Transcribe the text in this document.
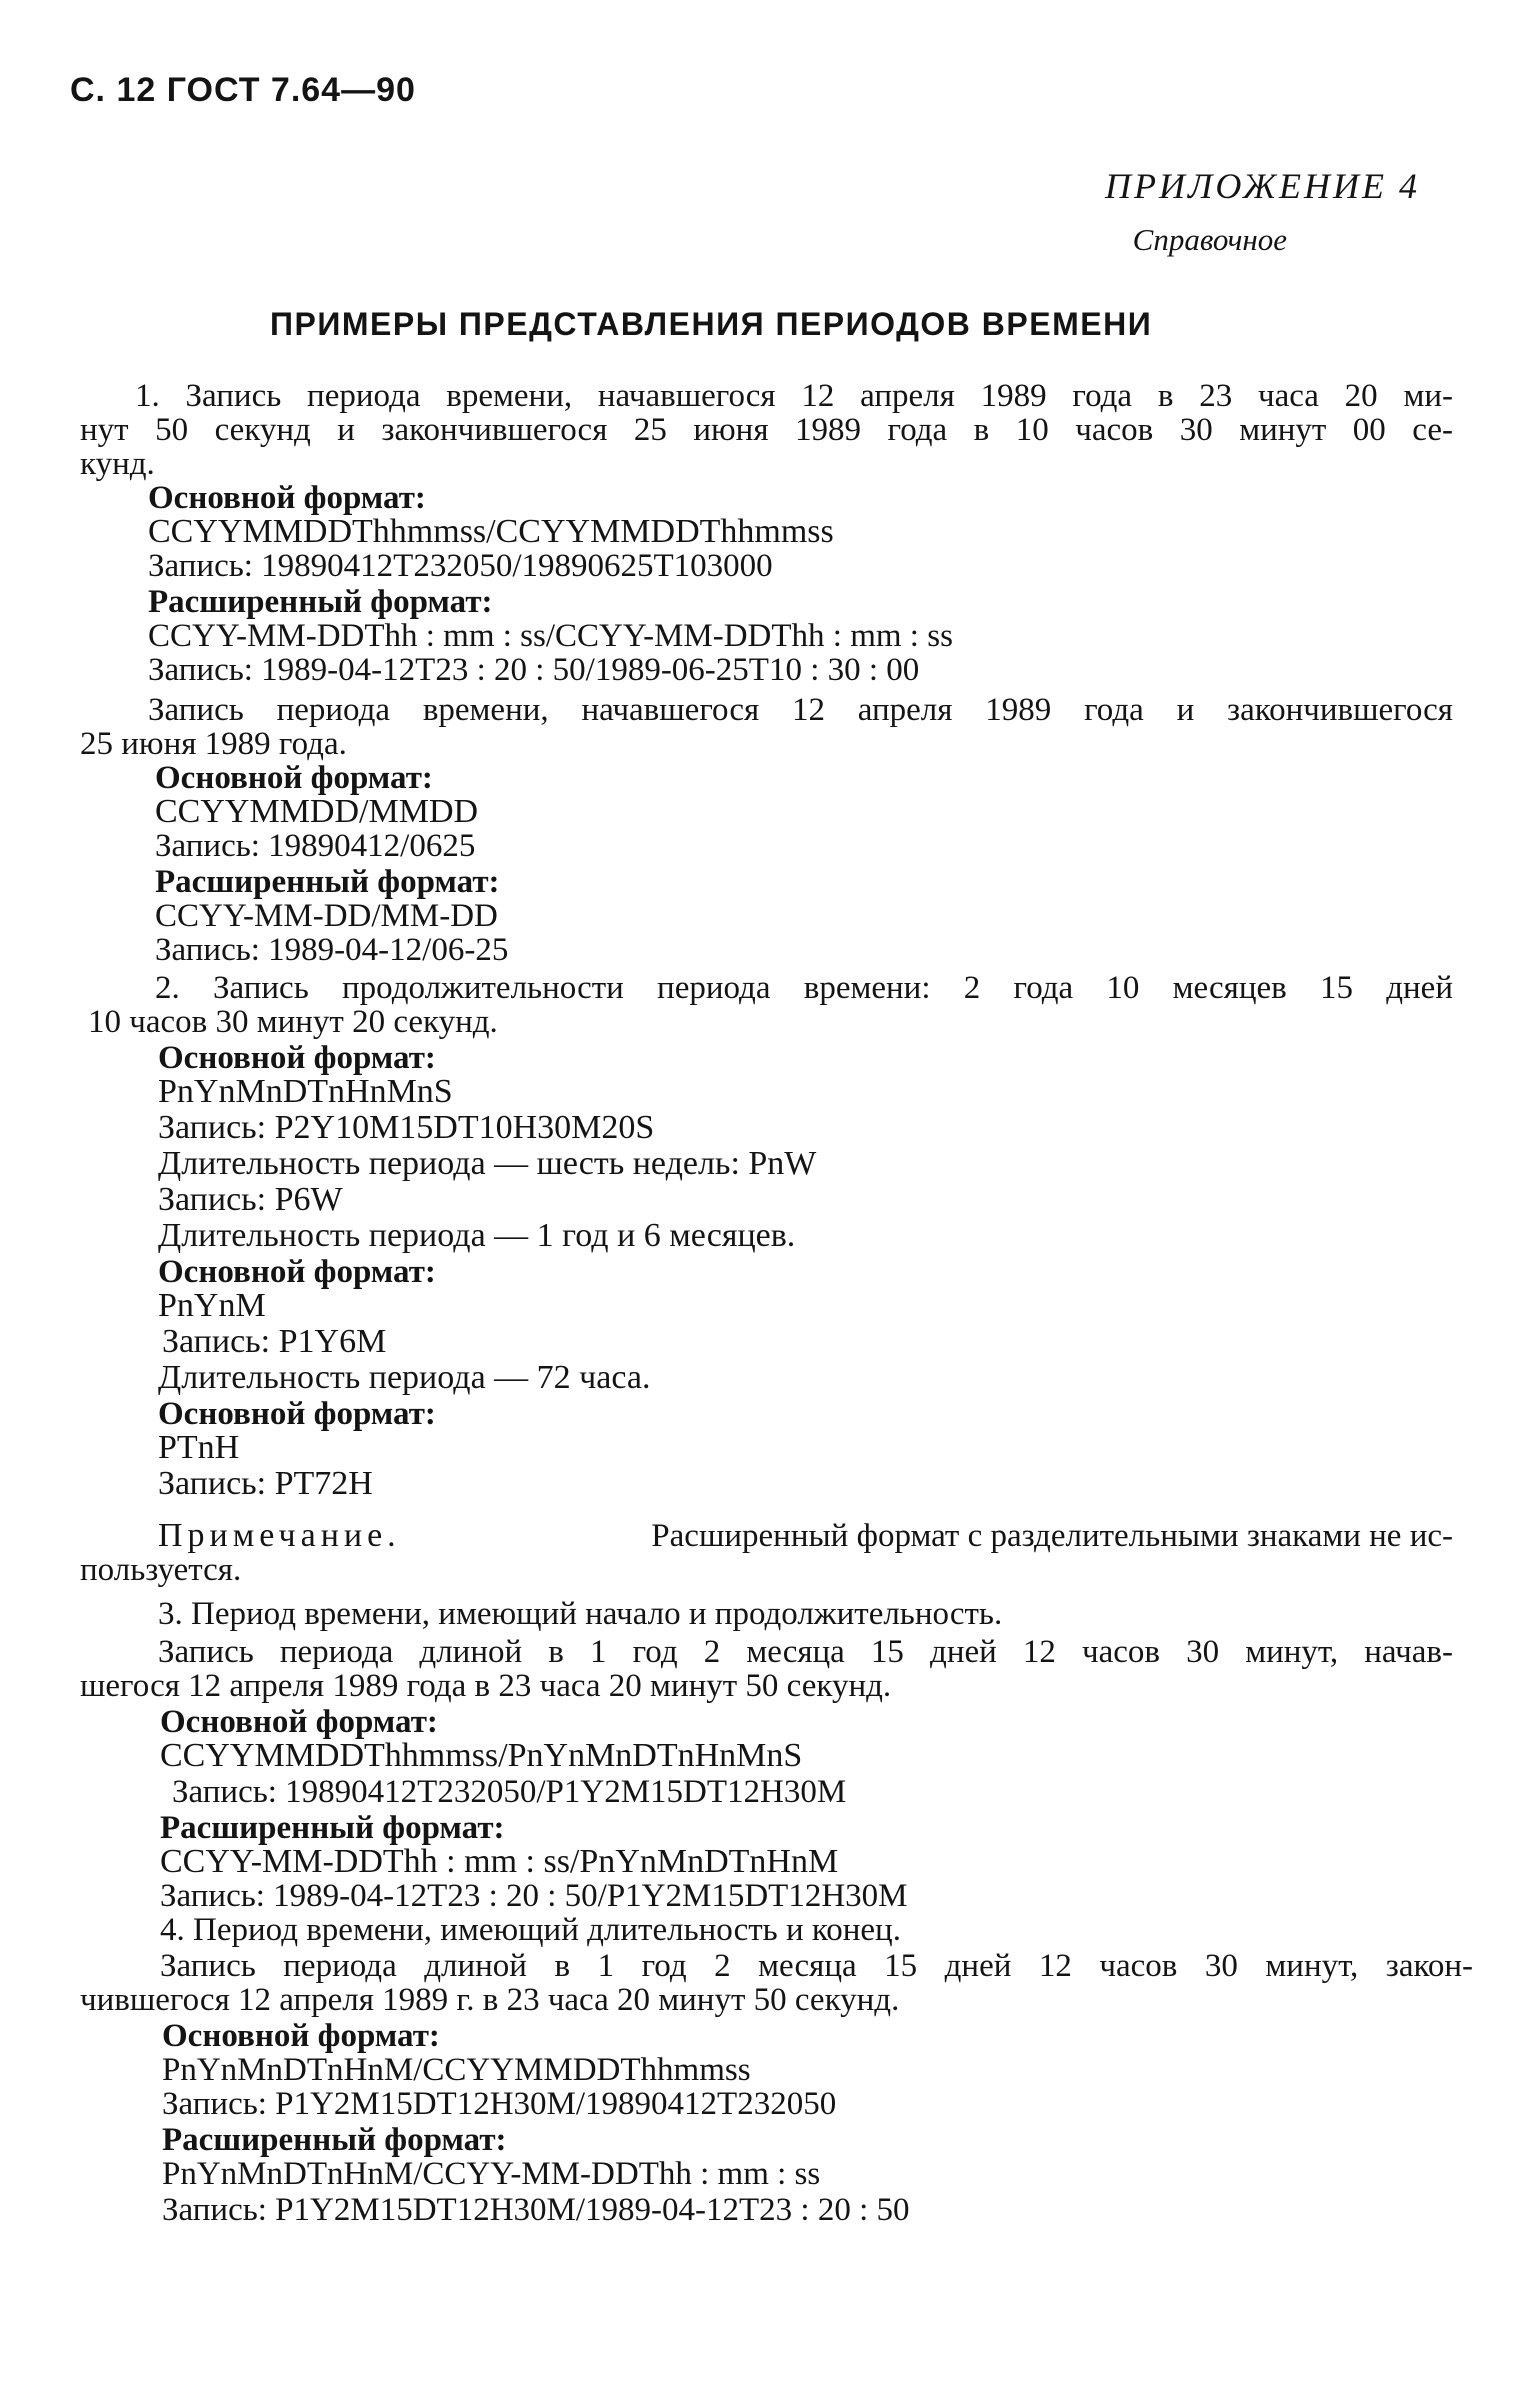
С. 12 ГОСТ 7.64—90
ПРИЛОЖЕНИЕ 4
Справочное
ПРИМЕРЫ ПРЕДСТАВЛЕНИЯ ПЕРИОДОВ ВРЕМЕНИ
1. Запись периода времени, начавшегося 12 апреля 1989 года в 23 часа 20 ми-
нут 50 секунд и закончившегося 25 июня 1989 года в 10 часов 30 минут 00 се-
кунд.
Основной формат:
CCYYMMDDThhmmss/CCYYMMDDThhmmss
Запись: 19890412T232050/19890625T103000
Расширенный формат:
CCYY-MM-DDThh : mm : ss/CCYY-MM-DDThh : mm : ss
Запись: 1989-04-12T23 : 20 : 50/1989-06-25T10 : 30 : 00
Запись периода времени, начавшегося 12 апреля 1989 года и закончившегося
25 июня 1989 года.
Основной формат:
CCYYMMDD/MMDD
Запись: 19890412/0625
Расширенный формат:
CCYY-MM-DD/MM-DD
Запись: 1989-04-12/06-25
2. Запись продолжительности периода времени: 2 года 10 месяцев 15 дней
10 часов 30 минут 20 секунд.
Основной формат:
PnYnMnDTnHnMnS
Запись: P2Y10M15DT10H30M20S
Длительность периода — шесть недель: PnW
Запись: P6W
Длительность периода — 1 год и 6 месяцев.
Основной формат:
PnYnM
Запись: P1Y6M
Длительность периода — 72 часа.
Основной формат:
PTnH
Запись: PT72H
Примечание.	Расширенный формат с разделительными знаками не ис-
пользуется.
3. Период времени, имеющий начало и продолжительность.
Запись периода длиной в 1 год 2 месяца 15 дней 12 часов 30 минут, начав-
шегося 12 апреля 1989 года в 23 часа 20 минут 50 секунд.
Основной формат:
CCYYMMDDThhmmss/PnYnMnDTnHnMnS
Запись: 19890412T232050/P1Y2M15DT12H30M
Расширенный формат:
CCYY-MM-DDThh : mm : ss/PnYnMnDTnHnM
Запись: 1989-04-12T23 : 20 : 50/P1Y2M15DT12H30M
4. Период времени, имеющий длительность и конец.
Запись периода длиной в 1 год 2 месяца 15 дней 12 часов 30 минут, закон-
чившегося 12 апреля 1989 г. в 23 часа 20 минут 50 секунд.
Основной формат:
PnYnMnDTnHnM/CCYYMMDDThhmmss
Запись: P1Y2M15DT12H30M/19890412T232050
Расширенный формат:
PnYnMnDTnHnM/CCYY-MM-DDThh : mm : ss
Запись: P1Y2M15DT12H30M/1989-04-12T23 : 20 : 50
